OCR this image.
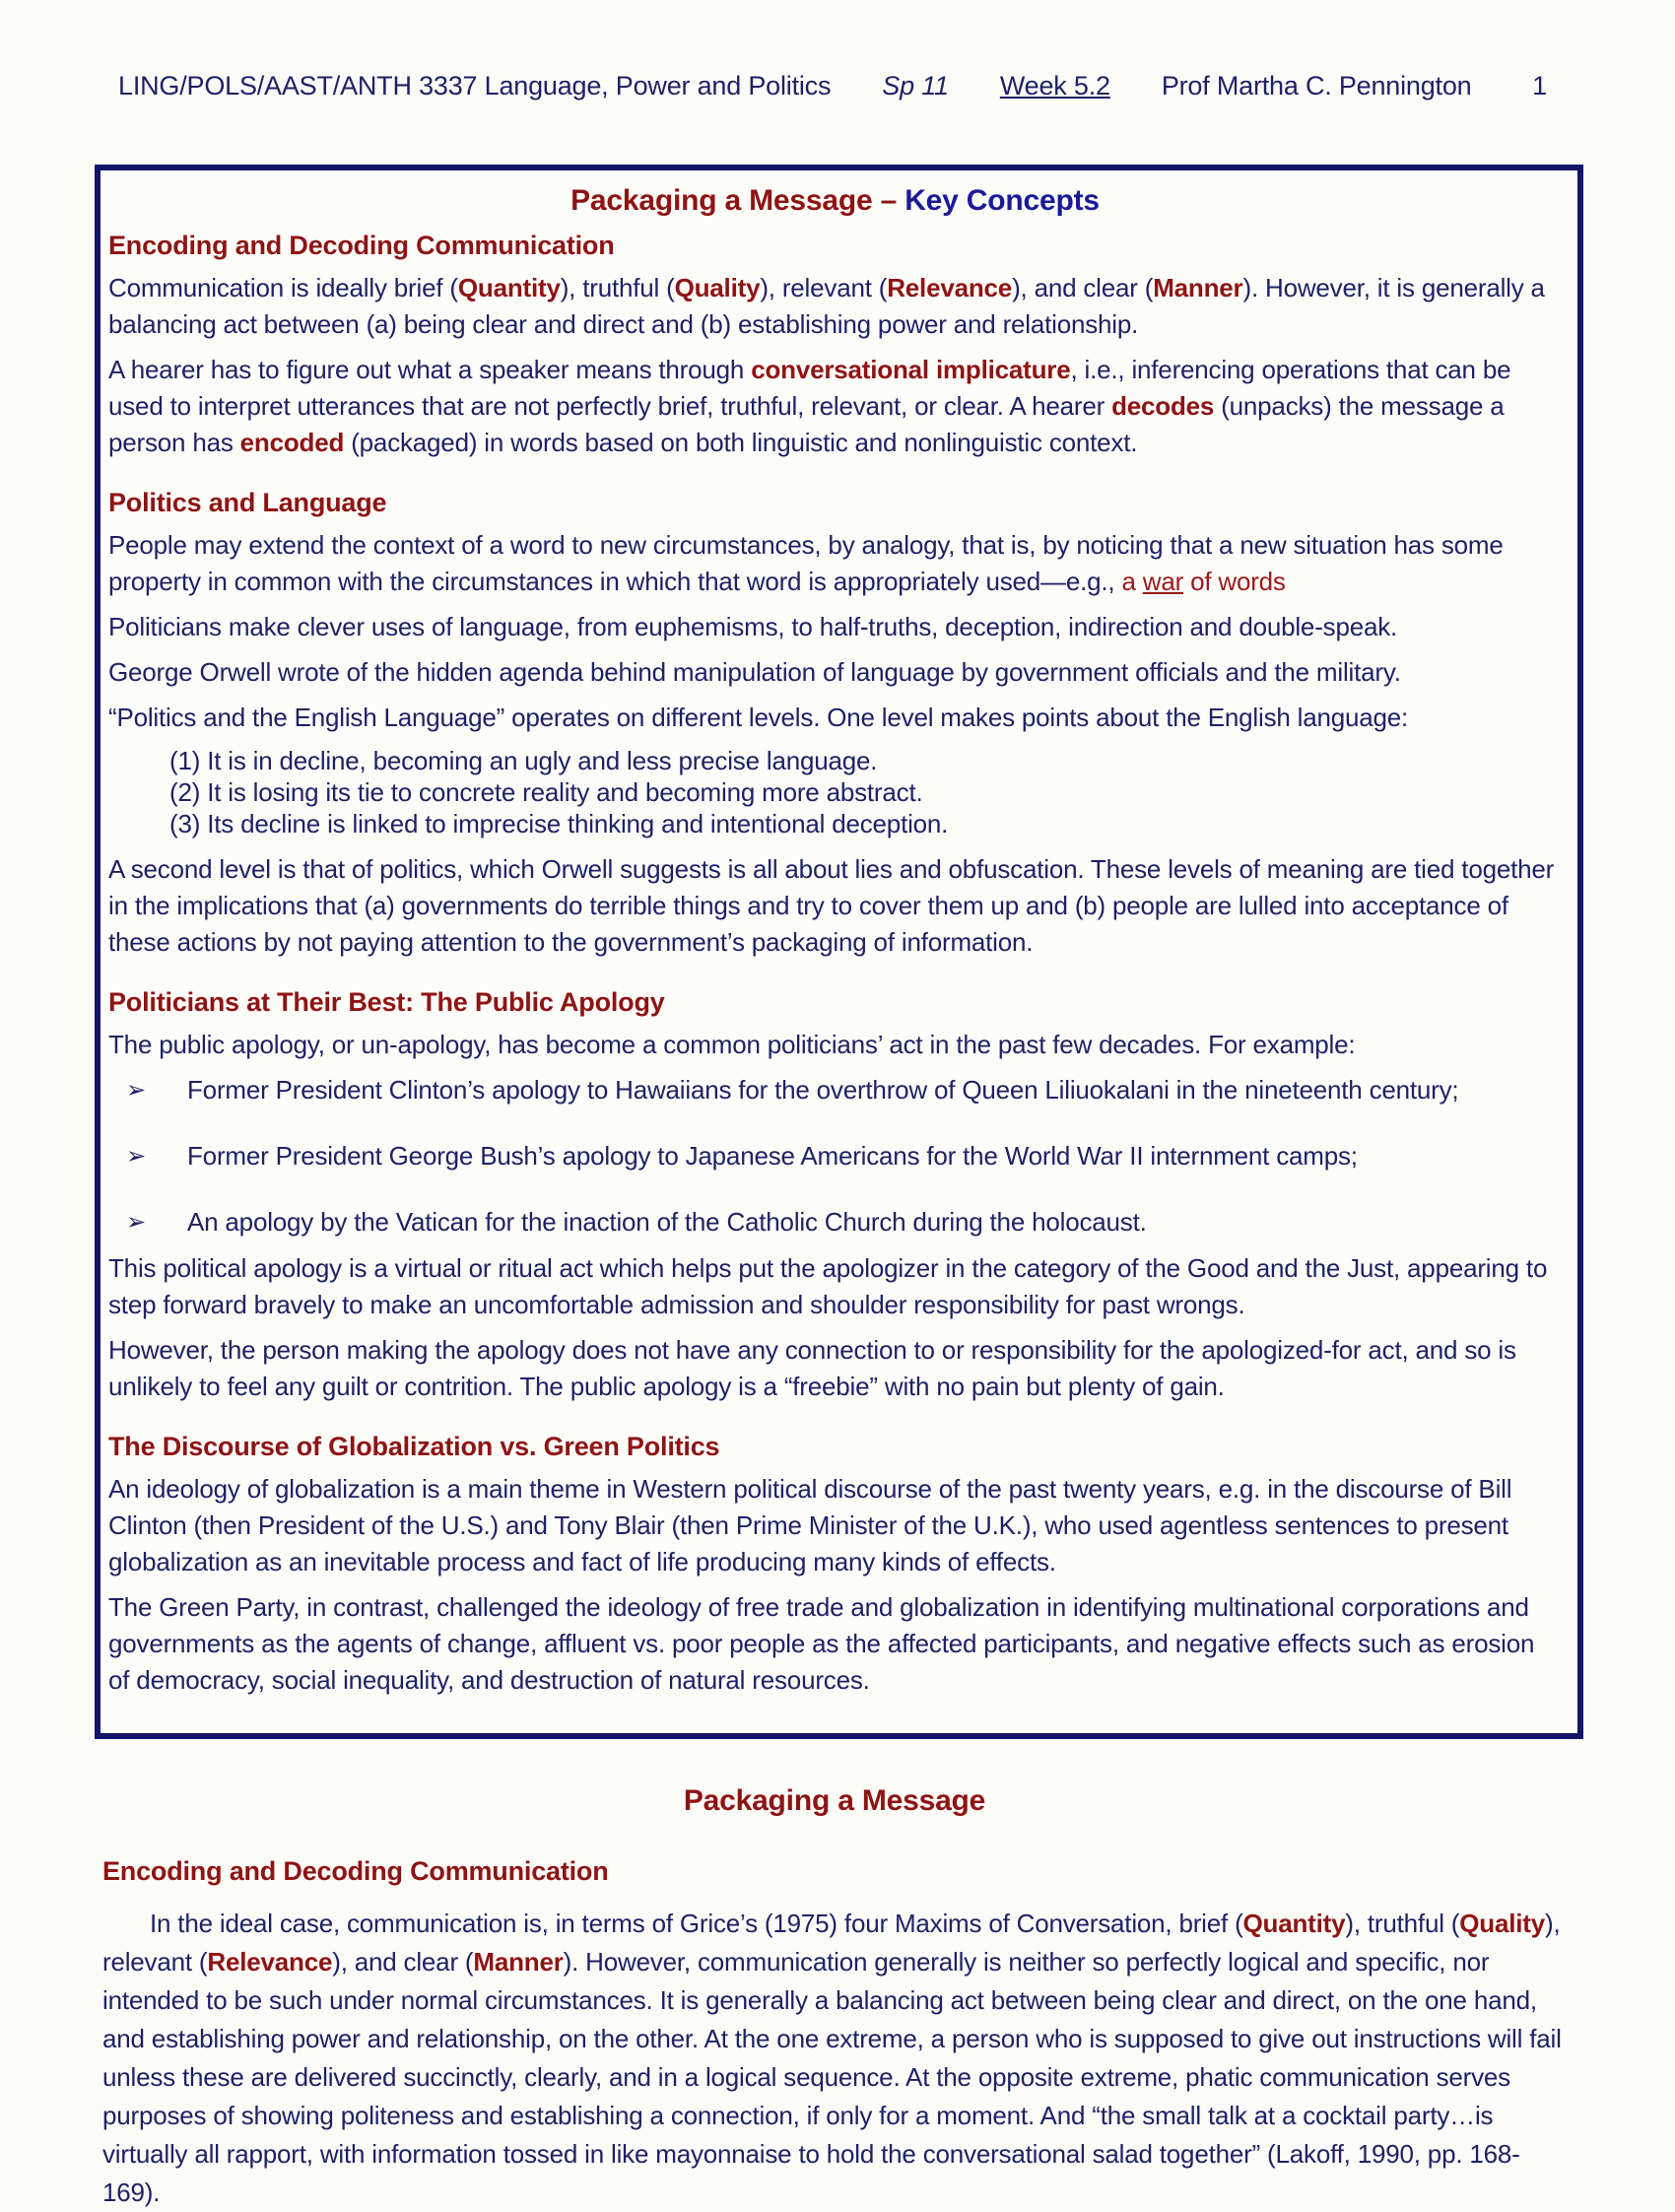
LING/POLS/AAST/ANTH 3337 Language, Power and Politics Sp 11 Week 5.2 Prof Martha C. Pennington 1
Packaging a Message – Key Concepts
Encoding and Decoding Communication

Communication is ideally brief (Quantity), truthful (Quality), relevant (Relevance), and clear (Manner). However, it is generally a balancing act between (a) being clear and direct and (b) establishing power and relationship.

A hearer has to figure out what a speaker means through conversational implicature, i.e., inferencing operations that can be used to interpret utterances that are not perfectly brief, truthful, relevant, or clear. A hearer decodes (unpacks) the message a person has encoded (packaged) in words based on both linguistic and nonlinguistic context.

Politics and Language

People may extend the context of a word to new circumstances, by analogy, that is, by noticing that a new situation has some property in common with the circumstances in which that word is appropriately used—e.g., a war of words

Politicians make clever uses of language, from euphemisms, to half-truths, deception, indirection and double-speak.

George Orwell wrote of the hidden agenda behind manipulation of language by government officials and the military.

“Politics and the English Language” operates on different levels. One level makes points about the English language:

(1) It is in decline, becoming an ugly and less precise language.
(2) It is losing its tie to concrete reality and becoming more abstract.
(3) Its decline is linked to imprecise thinking and intentional deception.

A second level is that of politics, which Orwell suggests is all about lies and obfuscation. These levels of meaning are tied together in the implications that (a) governments do terrible things and try to cover them up and (b) people are lulled into acceptance of these actions by not paying attention to the government’s packaging of information.

Politicians at Their Best: The Public Apology

The public apology, or un-apology, has become a common politicians’ act in the past few decades. For example:

➢	Former President Clinton’s apology to Hawaiians for the overthrow of Queen Liliuokalani in the nineteenth century;
➢	Former President George Bush’s apology to Japanese Americans for the World War II internment camps;
➢	An apology by the Vatican for the inaction of the Catholic Church during the holocaust.

This political apology is a virtual or ritual act which helps put the apologizer in the category of the Good and the Just, appearing to step forward bravely to make an uncomfortable admission and shoulder responsibility for past wrongs.

However, the person making the apology does not have any connection to or responsibility for the apologized-for act, and so is unlikely to feel any guilt or contrition. The public apology is a “freebie” with no pain but plenty of gain.

The Discourse of Globalization vs. Green Politics

An ideology of globalization is a main theme in Western political discourse of the past twenty years, e.g. in the discourse of Bill Clinton (then President of the U.S.) and Tony Blair (then Prime Minister of the U.K.), who used agentless sentences to present globalization as an inevitable process and fact of life producing many kinds of effects.

The Green Party, in contrast, challenged the ideology of free trade and globalization in identifying multinational corporations and governments as the agents of change, affluent vs. poor people as the affected participants, and negative effects such as erosion of democracy, social inequality, and destruction of natural resources.

Packaging a Message
Encoding and Decoding Communication

In the ideal case, communication is, in terms of Grice’s (1975) four Maxims of Conversation, brief (Quantity), truthful (Quality), relevant (Relevance), and clear (Manner). However, communication generally is neither so perfectly logical and specific, nor intended to be such under normal circumstances. It is generally a balancing act between being clear and direct, on the one hand, and establishing power and relationship, on the other. At the one extreme, a person who is supposed to give out instructions will fail unless these are delivered succinctly, clearly, and in a logical sequence. At the opposite extreme, phatic communication serves purposes of showing politeness and establishing a connection, if only for a moment. And “the small talk at a cocktail party…is virtually all rapport, with information tossed in like mayonnaise to hold the conversational salad together” (Lakoff, 1990, pp. 168-169).
